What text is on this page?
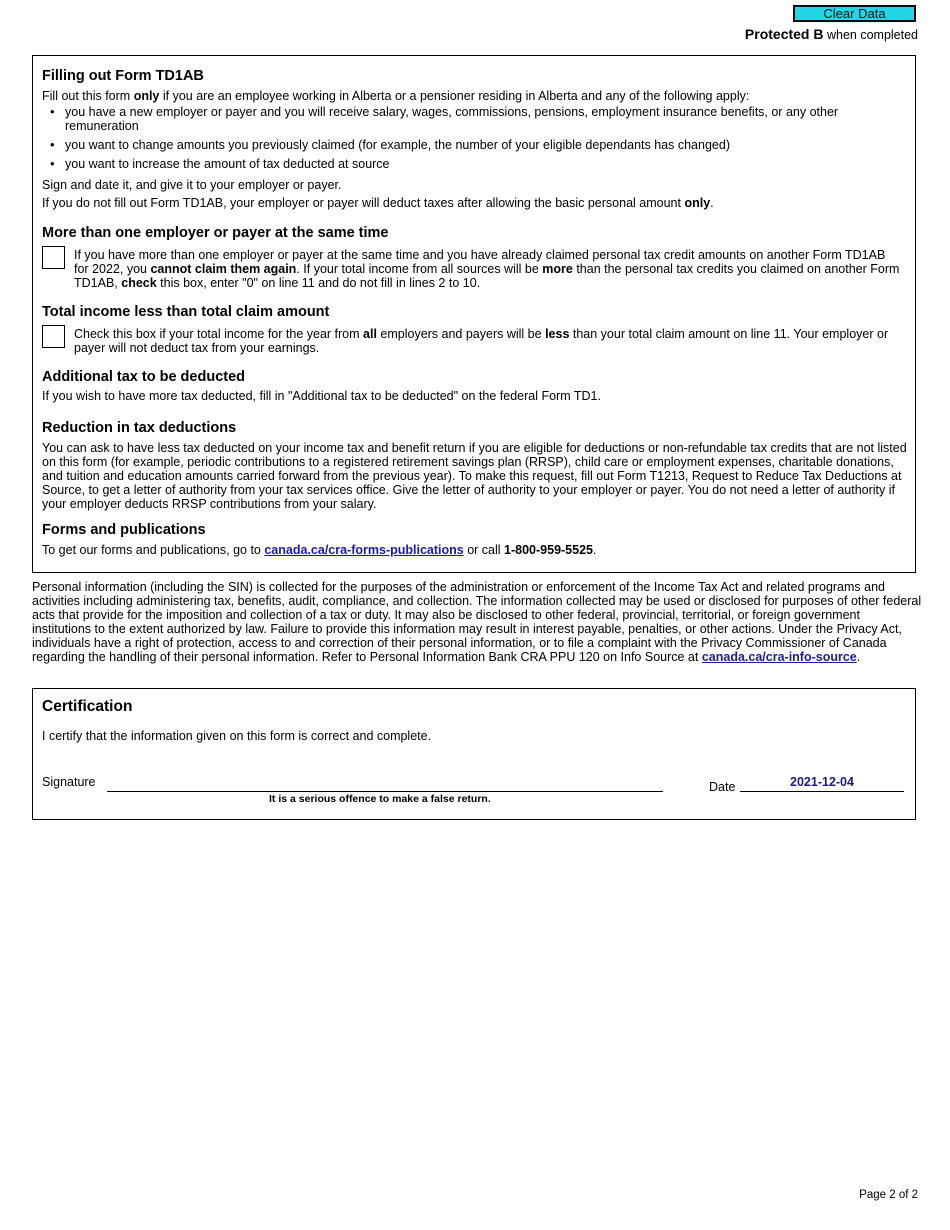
Clear Data
Protected B when completed
Filling out Form TD1AB

Fill out this form only if you are an employee working in Alberta or a pensioner residing in Alberta and any of the following apply:

• you have a new employer or payer and you will receive salary, wages, commissions, pensions, employment insurance benefits, or any other remuneration
• you want to change amounts you previously claimed (for example, the number of your eligible dependants has changed)
• you want to increase the amount of tax deducted at source

Sign and date it, and give it to your employer or payer.

If you do not fill out Form TD1AB, your employer or payer will deduct taxes after allowing the basic personal amount only.

More than one employer or payer at the same time

If you have more than one employer or payer at the same time and you have already claimed personal tax credit amounts on another Form TD1AB for 2022, you cannot claim them again. If your total income from all sources will be more than the personal tax credits you claimed on another Form TD1AB, check this box, enter "0" on line 11 and do not fill in lines 2 to 10.

Total income less than total claim amount

Check this box if your total income for the year from all employers and payers will be less than your total claim amount on line 11. Your employer or payer will not deduct tax from your earnings.

Additional tax to be deducted

If you wish to have more tax deducted, fill in "Additional tax to be deducted" on the federal Form TD1.

Reduction in tax deductions

You can ask to have less tax deducted on your income tax and benefit return if you are eligible for deductions or non-refundable tax credits that are not listed on this form (for example, periodic contributions to a registered retirement savings plan (RRSP), child care or employment expenses, charitable donations, and tuition and education amounts carried forward from the previous year). To make this request, fill out Form T1213, Request to Reduce Tax Deductions at Source, to get a letter of authority from your tax services office. Give the letter of authority to your employer or payer. You do not need a letter of authority if your employer deducts RRSP contributions from your salary.

Forms and publications

To get our forms and publications, go to canada.ca/cra-forms-publications or call 1-800-959-5525.

Personal information (including the SIN) is collected for the purposes of the administration or enforcement of the Income Tax Act and related programs and activities including administering tax, benefits, audit, compliance, and collection. The information collected may be used or disclosed for purposes of other federal acts that provide for the imposition and collection of a tax or duty. It may also be disclosed to other federal, provincial, territorial, or foreign government institutions to the extent authorized by law. Failure to provide this information may result in interest payable, penalties, or other actions. Under the Privacy Act, individuals have a right of protection, access to and correction of their personal information, or to file a complaint with the Privacy Commissioner of Canada regarding the handling of their personal information. Refer to Personal Information Bank CRA PPU 120 on Info Source at canada.ca/cra-info-source.

Certification

I certify that the information given on this form is correct and complete.

Signature
It is a serious offence to make a false return.
Date	2021-12-04
Page 2 of 2
